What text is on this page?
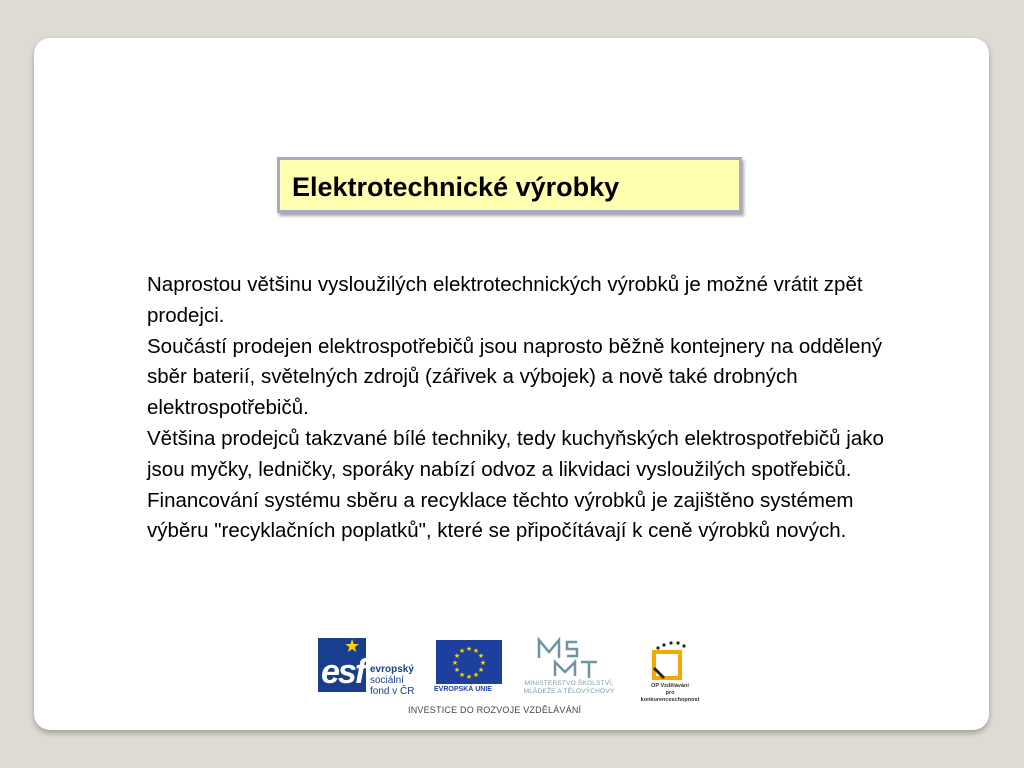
Elektrotechnické výrobky

Naprostou většinu vysloužilých elektrotechnických výrobků je možné vrátit zpět prodejci.

Součástí prodejen elektrospotřebičů jsou naprosto běžně kontejnery na oddělený sběr baterií, světelných zdrojů (zářivek a výbojek) a nově také drobných elektrospotřebičů.

Většina prodejců takzvané bílé techniky, tedy kuchyňských elektrospotřebičů jako jsou myčky, ledničky, sporáky nabízí odvoz a likvidaci vysloužilých spotřebičů.

Financování systému sběru a recyklace těchto výrobků je zajištěno systémem výběru "recyklačních poplatků", které se připočítávají k ceně výrobků nových.

★
esf evropský
sociální
fond v ČR
★ ★
★
★
★
★
★
★
★
★
★
★
EVROPSKÁ UNIE
MINISTERSTVO ŠKOLSTVÍ,
MLÁDEŽE A TĚLOVÝCHOVY
OP Vzdělávání
pro konkurenceschopnost
INVESTICE DO ROZVOJE VZDĚLÁVÁNÍ
